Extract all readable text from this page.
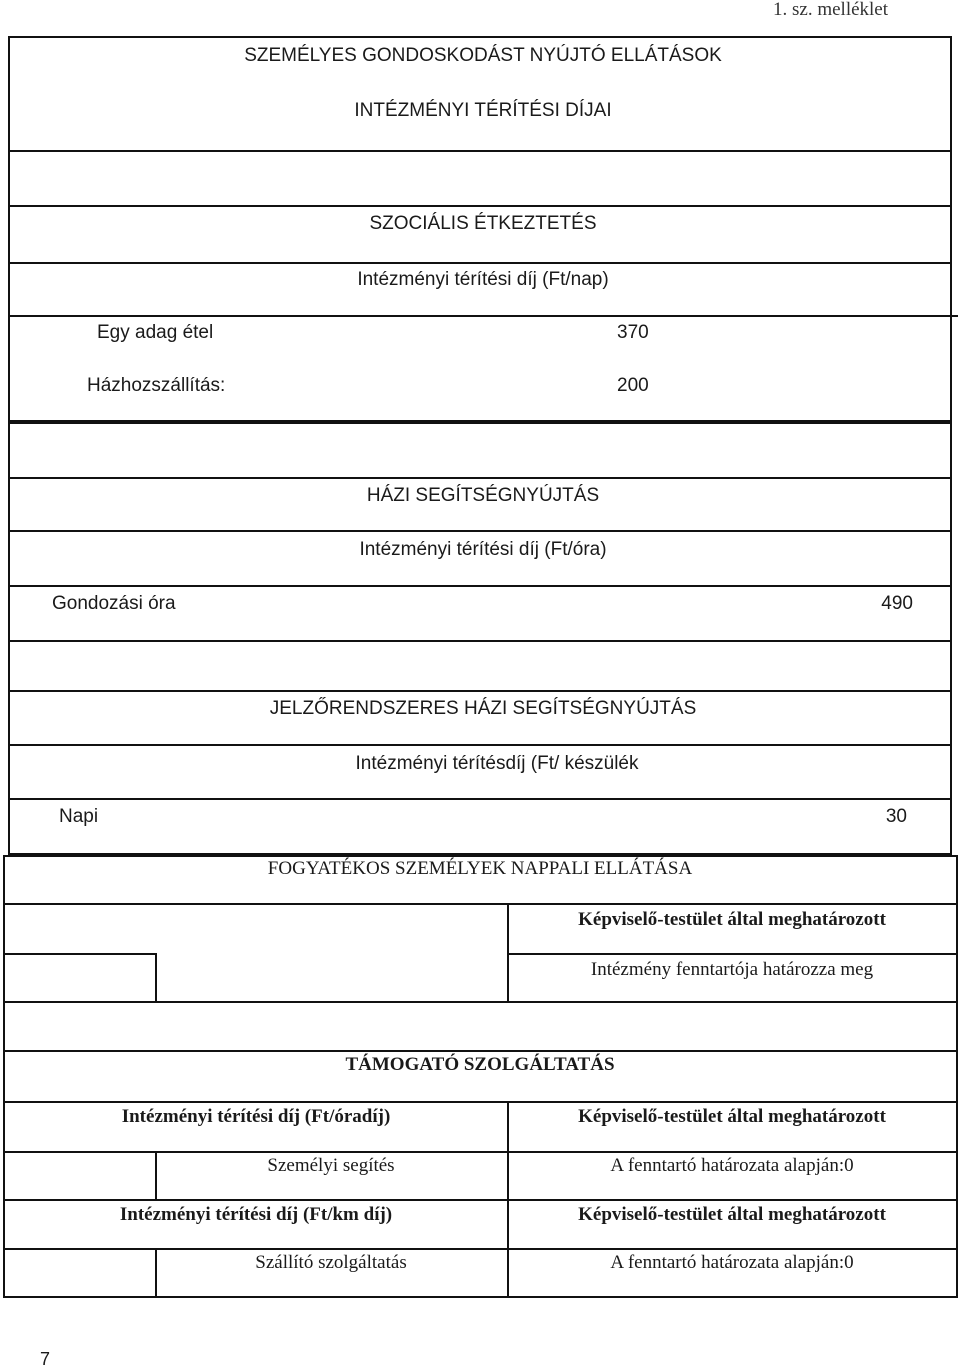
1. sz. melléklet
SZEMÉLYES GONDOSKODÁST NYÚJTÓ ELLÁTÁSOK
INTÉZMÉNYI TÉRÍTÉSI DÍJAI
SZOCIÁLIS ÉTKEZTETÉS
Intézményi térítési díj (Ft/nap)
Egy adag étel	370
Házhozszállítás:	200
HÁZI SEGÍTSÉGNYÚJTÁS
Intézményi térítési díj (Ft/óra)
Gondozási óra	490
JELZŐRENDSZERES HÁZI SEGÍTSÉGNYÚJTÁS
Intézményi térítésdíj (Ft/ készülék
Napi	30
FOGYATÉKOS SZEMÉLYEK NAPPALI ELLÁTÁSA
Képviselő-testület által meghatározott
Intézmény fenntartója határozza meg
TÁMOGATÓ SZOLGÁLTATÁS
Intézményi térítési díj (Ft/óradíj)	Képviselő-testület által meghatározott
Személyi segítés	A fenntartó határozata alapján:0
Intézményi térítési díj (Ft/km díj)	Képviselő-testület által meghatározott
Szállító szolgáltatás	A fenntartó határozata alapján:0
7
